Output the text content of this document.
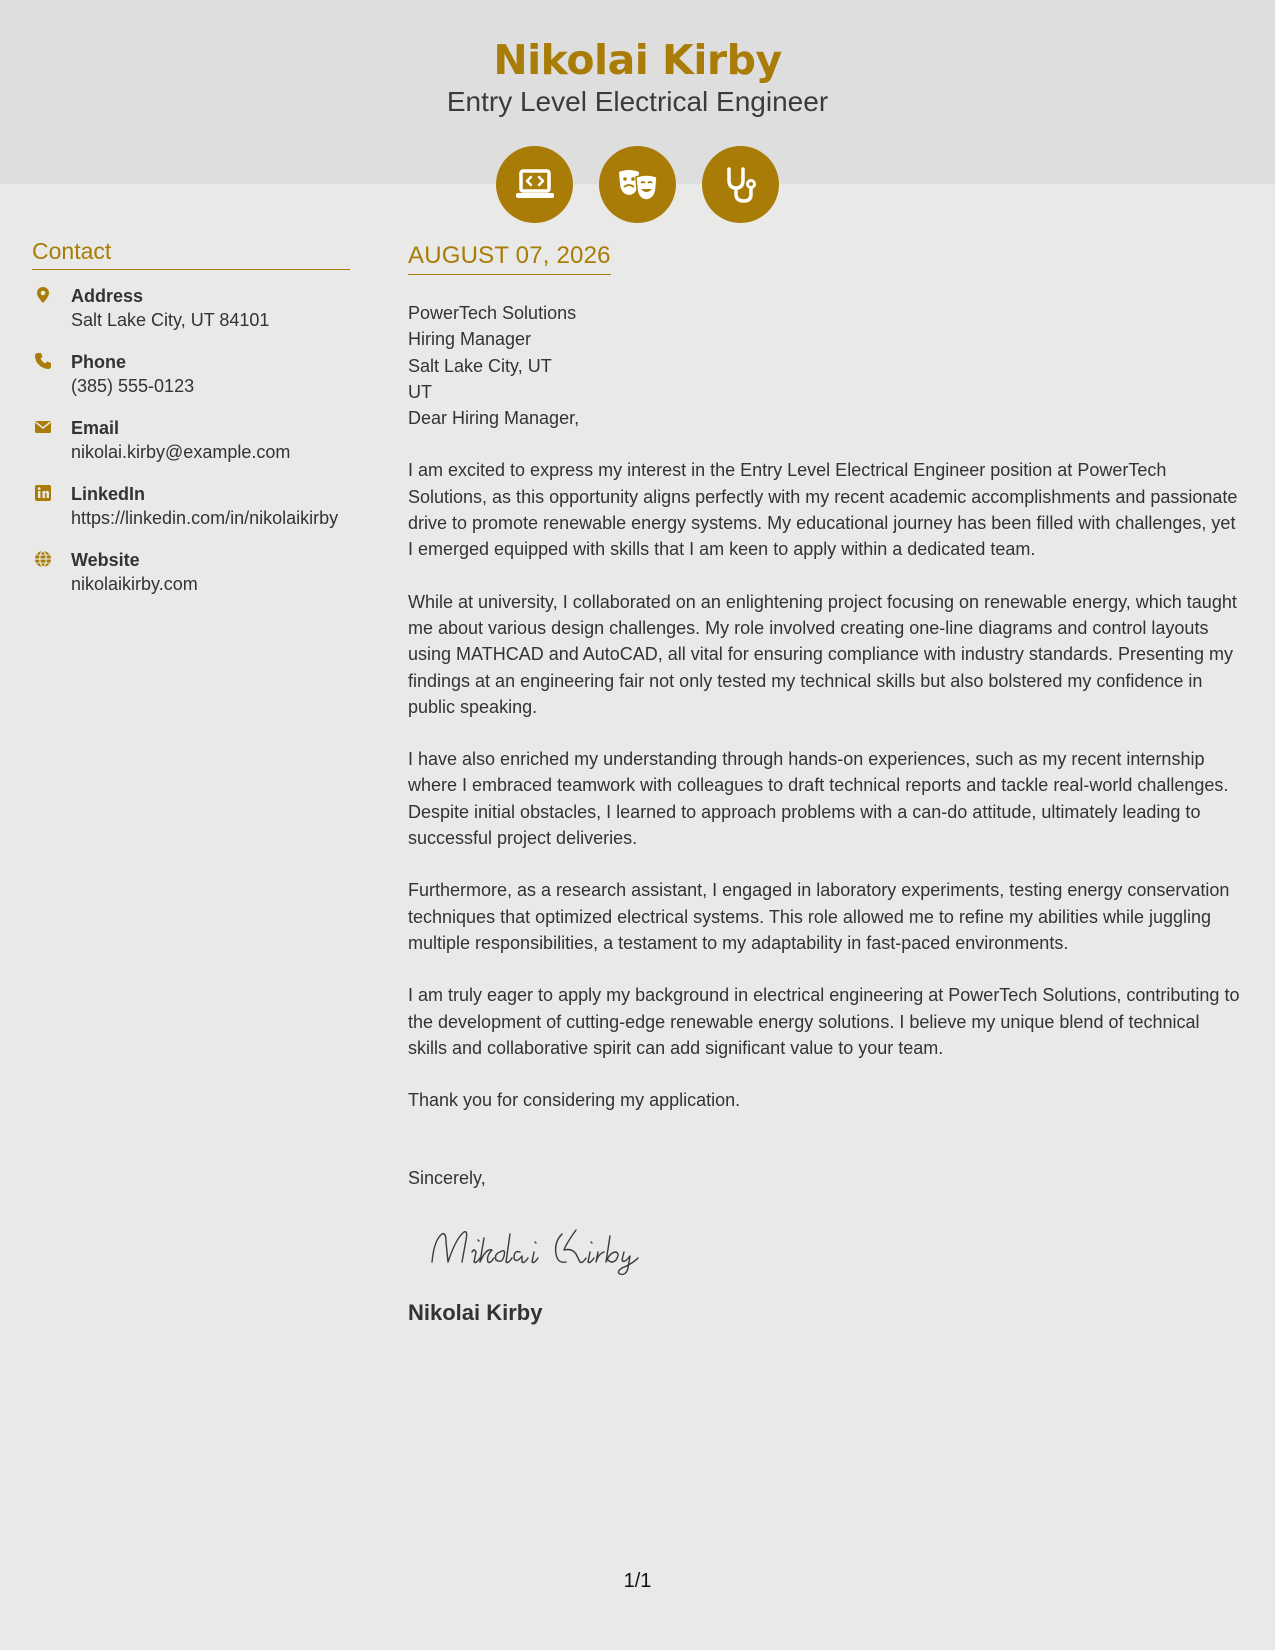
Nikolai Kirby
Entry Level Electrical Engineer
Contact
Address
Salt Lake City, UT 84101
Phone
(385) 555-0123
Email
nikolai.kirby@example.com
LinkedIn
https://linkedin.com/in/nikolaikirby
Website
nikolaikirby.com
AUGUST 07, 2026
PowerTech Solutions
Hiring Manager
Salt Lake City, UT
UT

Dear Hiring Manager,

I am excited to express my interest in the Entry Level Electrical Engineer position at PowerTech Solutions, as this opportunity aligns perfectly with my recent academic accomplishments and passionate drive to promote renewable energy systems. My educational journey has been filled with challenges, yet I emerged equipped with skills that I am keen to apply within a dedicated team.

While at university, I collaborated on an enlightening project focusing on renewable energy, which taught me about various design challenges. My role involved creating one-line diagrams and control layouts using MATHCAD and AutoCAD, all vital for ensuring compliance with industry standards. Presenting my findings at an engineering fair not only tested my technical skills but also bolstered my confidence in public speaking.

I have also enriched my understanding through hands-on experiences, such as my recent internship where I embraced teamwork with colleagues to draft technical reports and tackle real-world challenges. Despite initial obstacles, I learned to approach problems with a can-do attitude, ultimately leading to successful project deliveries.

Furthermore, as a research assistant, I engaged in laboratory experiments, testing energy conservation techniques that optimized electrical systems. This role allowed me to refine my abilities while juggling multiple responsibilities, a testament to my adaptability in fast-paced environments.

I am truly eager to apply my background in electrical engineering at PowerTech Solutions, contributing to the development of cutting-edge renewable energy solutions. I believe my unique blend of technical skills and collaborative spirit can add significant value to your team.

Thank you for considering my application.

Sincerely,

Nikolai Kirby
1/1
